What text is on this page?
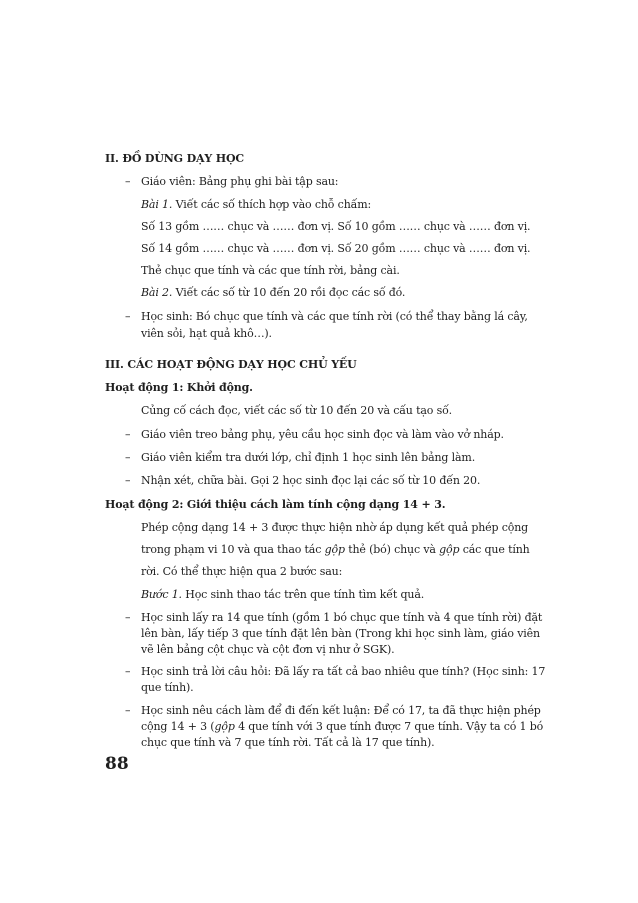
II. ĐỒ DÙNG DẠY HỌC
– Giáo viên: Bảng phụ ghi bài tập sau:
Bài 1. Viết các số thích hợp vào chỗ chấm:
Số 13 gồm …… chục và …… đơn vị. Số 10 gồm …… chục và …… đơn vị.
Số 14 gồm …… chục và …… đơn vị. Số 20 gồm …… chục và …… đơn vị.
Thẻ chục que tính và các que tính rời, bảng cài.
Bài 2. Viết các số từ 10 đến 20 rồi đọc các số đó.
– Học sinh: Bó chục que tính và các que tính rời (có thể thay bằng lá cây,
viên sỏi, hạt quả khô…).
III. CÁC HOẠT ĐỘNG DẠY HỌC CHỦ YẾU
Hoạt động 1: Khởi động.
Củng cố cách đọc, viết các số từ 10 đến 20 và cấu tạo số.
– Giáo viên treo bảng phụ, yêu cầu học sinh đọc và làm vào vở nháp.
– Giáo viên kiểm tra dưới lớp, chỉ định 1 học sinh lên bảng làm.
– Nhận xét, chữa bài. Gọi 2 học sinh đọc lại các số từ 10 đến 20.
Hoạt động 2: Giới thiệu cách làm tính cộng dạng 14 + 3.
Phép cộng dạng 14 + 3 được thực hiện nhờ áp dụng kết quả phép cộng
trong phạm vi 10 và qua thao tác gộp thẻ (bó) chục và gộp các que tính
rời. Có thể thực hiện qua 2 bước sau:
Bước 1. Học sinh thao tác trên que tính tìm kết quả.
– Học sinh lấy ra 14 que tính (gồm 1 bó chục que tính và 4 que tính rời) đặt
lên bàn, lấy tiếp 3 que tính đặt lên bàn (Trong khi học sinh làm, giáo viên
vẽ lên bảng cột chục và cột đơn vị như ở SGK).
– Học sinh trả lời câu hỏi: Đã lấy ra tất cả bao nhiêu que tính? (Học sinh: 17
que tính).
– Học sinh nêu cách làm để đi đến kết luận: Để có 17, ta đã thực hiện phép
cộng 14 + 3 (gộp 4 que tính với 3 que tính được 7 que tính. Vậy ta có 1 bó
chục que tính và 7 que tính rời. Tất cả là 17 que tính).
88
